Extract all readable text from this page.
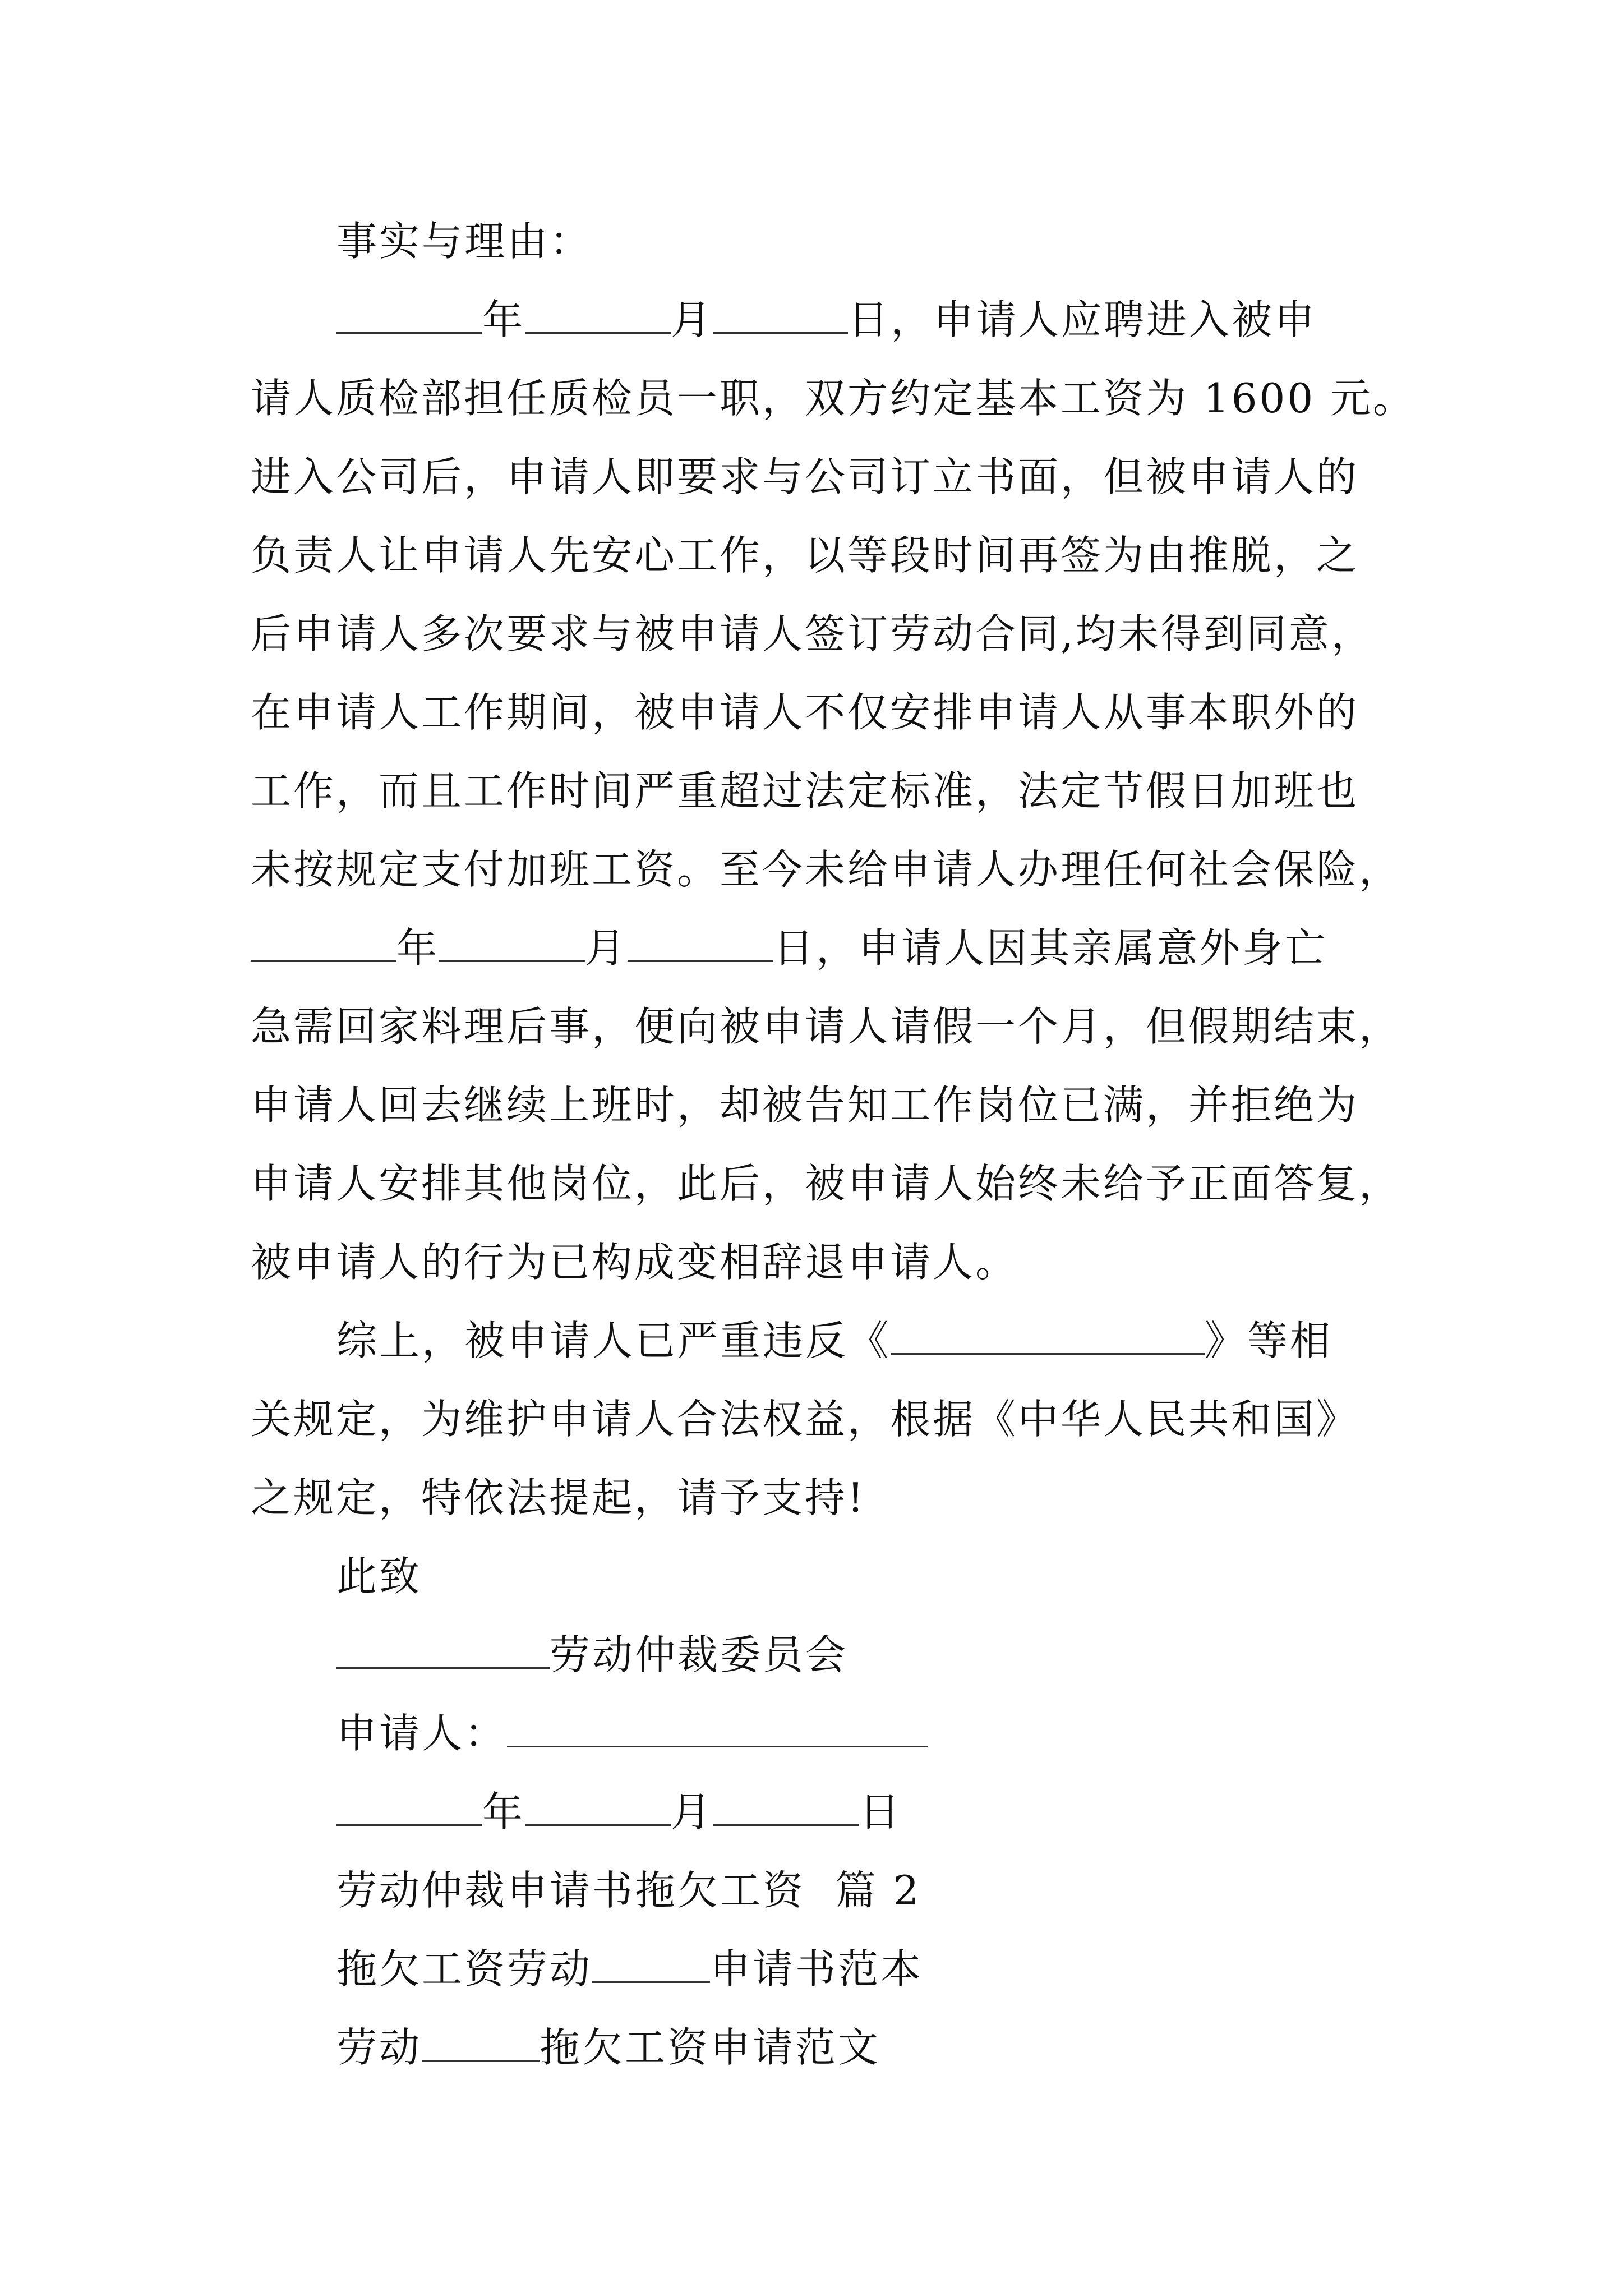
事实与理由：
年	月	日，申请人应聘进入被申
请人质检部担任质检员一职，双方约定基本工资为 1600 元。
进入公司后，申请人即要求与公司订立书面，但被申请人的
负责人让申请人先安心工作，以等段时间再签为由推脱，之
后申请人多次要求与被申请人签订劳动合同,均未得到同意，
在申请人工作期间，被申请人不仅安排申请人从事本职外的
工作，而且工作时间严重超过法定标准，法定节假日加班也
未按规定支付加班工资。至今未给申请人办理任何社会保险，
年	月	日，申请人因其亲属意外身亡
急需回家料理后事，便向被申请人请假一个月，但假期结束，
申请人回去继续上班时，却被告知工作岗位已满，并拒绝为
申请人安排其他岗位，此后，被申请人始终未给予正面答复，
被申请人的行为已构成变相辞退申请人。
综上，被申请人已严重违反《	》等相
关规定，为维护申请人合法权益，根据《中华人民共和国》
之规定，特依法提起，请予支持!
此致
劳动仲裁委员会
申请人：
年	月	日
劳动仲裁申请书拖欠工资  篇 2
拖欠工资劳动	申请书范本
劳动	拖欠工资申请范文
